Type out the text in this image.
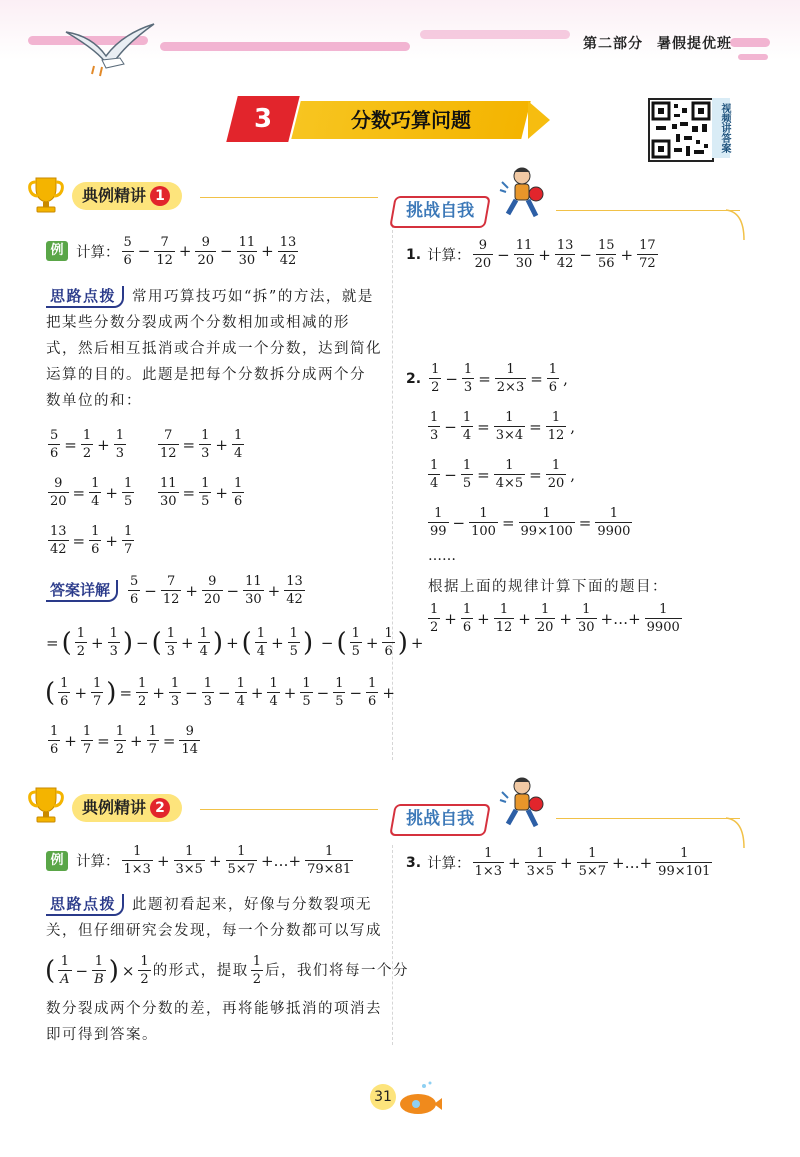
第二部分 暑假提优班
3	分数巧算问题	视频讲答案
典例精讲 1
例 计算： $\frac{5}{6} - \frac{7}{12} + \frac{9}{20} - \frac{11}{30} + \frac{13}{42}$
思路点拨 常用巧算技巧如“拆”的方法，就是
把某些分数分裂成两个分数相加或相减的形
式，然后相互抵消或合并成一个分数，达到简化
运算的目的。此题是把每个分数拆分成两个分
数单位的和：
$\frac{5}{6} = \frac{1}{2} + \frac{1}{3} \frac{7}{12} = \frac{1}{3} + \frac{1}{4}$
$\frac{9}{20} = \frac{1}{4} + \frac{1}{5} \frac{11}{30} = \frac{1}{5} + \frac{1}{6}$
$\frac{13}{42} = \frac{1}{6} + \frac{1}{7}$
答案详解	$\frac{5}{6} - \frac{7}{12} + \frac{9}{20} - \frac{11}{30} + \frac{13}{42}$
= ( $\frac{1}{2} + \frac{1}{3}$ ) − ( $\frac{1}{3} + \frac{1}{4}$ ) + ( $\frac{1}{4} + \frac{1}{5}$ ) − ( $\frac{1}{5} + \frac{1}{6}$ ) +
( $\frac{1}{6} + \frac{1}{7}$ ) = $\frac{1}{2} + \frac{1}{3} - \frac{1}{3} - \frac{1}{4} + \frac{1}{4} + \frac{1}{5} - \frac{1}{5} - \frac{1}{6}$ +
$\frac{1}{6} + \frac{1}{7} = \frac{1}{2} + \frac{1}{7} = \frac{9}{14}$
挑战自我
1. 计算： $\frac{9}{20} - \frac{11}{30} + \frac{13}{42} - \frac{15}{56} + \frac{17}{72}$
2. $\frac{1}{2} - \frac{1}{3} = \frac{1}{2\times 3} = \frac{1}{6}$ ,
$\frac{1}{3} - \frac{1}{4} = \frac{1}{3\times 4} = \frac{1}{12}$ ,
$\frac{1}{4} - \frac{1}{5} = \frac{1}{4\times 5} = \frac{1}{20}$ ,
$\frac{1}{99} - \frac{1}{100} = \frac{1}{99\times 100} = \frac{1}{9900}$
……
根据上面的规律计算下面的题目：
$\frac{1}{2} + \frac{1}{6} + \frac{1}{12} + \frac{1}{20} + \frac{1}{30}$ +…+ $\frac{1}{9900}$
典例精讲 2
例 计算： $\frac{1}{1\times 3} + \frac{1}{3\times 5} + \frac{1}{5\times 7}$ +…+ $\frac{1}{79\times 81}$
思路点拨 此题初看起来，好像与分数裂项无
关，但仔细研究会发现，每一个分数都可以写成
( $\frac{1}{A} - \frac{1}{B}$ ) × $\frac{1}{2}$ 的形式，提取 $\frac{1}{2}$ 后，我们将每一个分
数分裂成两个分数的差，再将能够抵消的项消去
即可得到答案。
挑战自我
3. 计算： $\frac{1}{1\times 3} + \frac{1}{3\times 5} + \frac{1}{5\times 7}$ +…+ $\frac{1}{99\times 101}$
31
